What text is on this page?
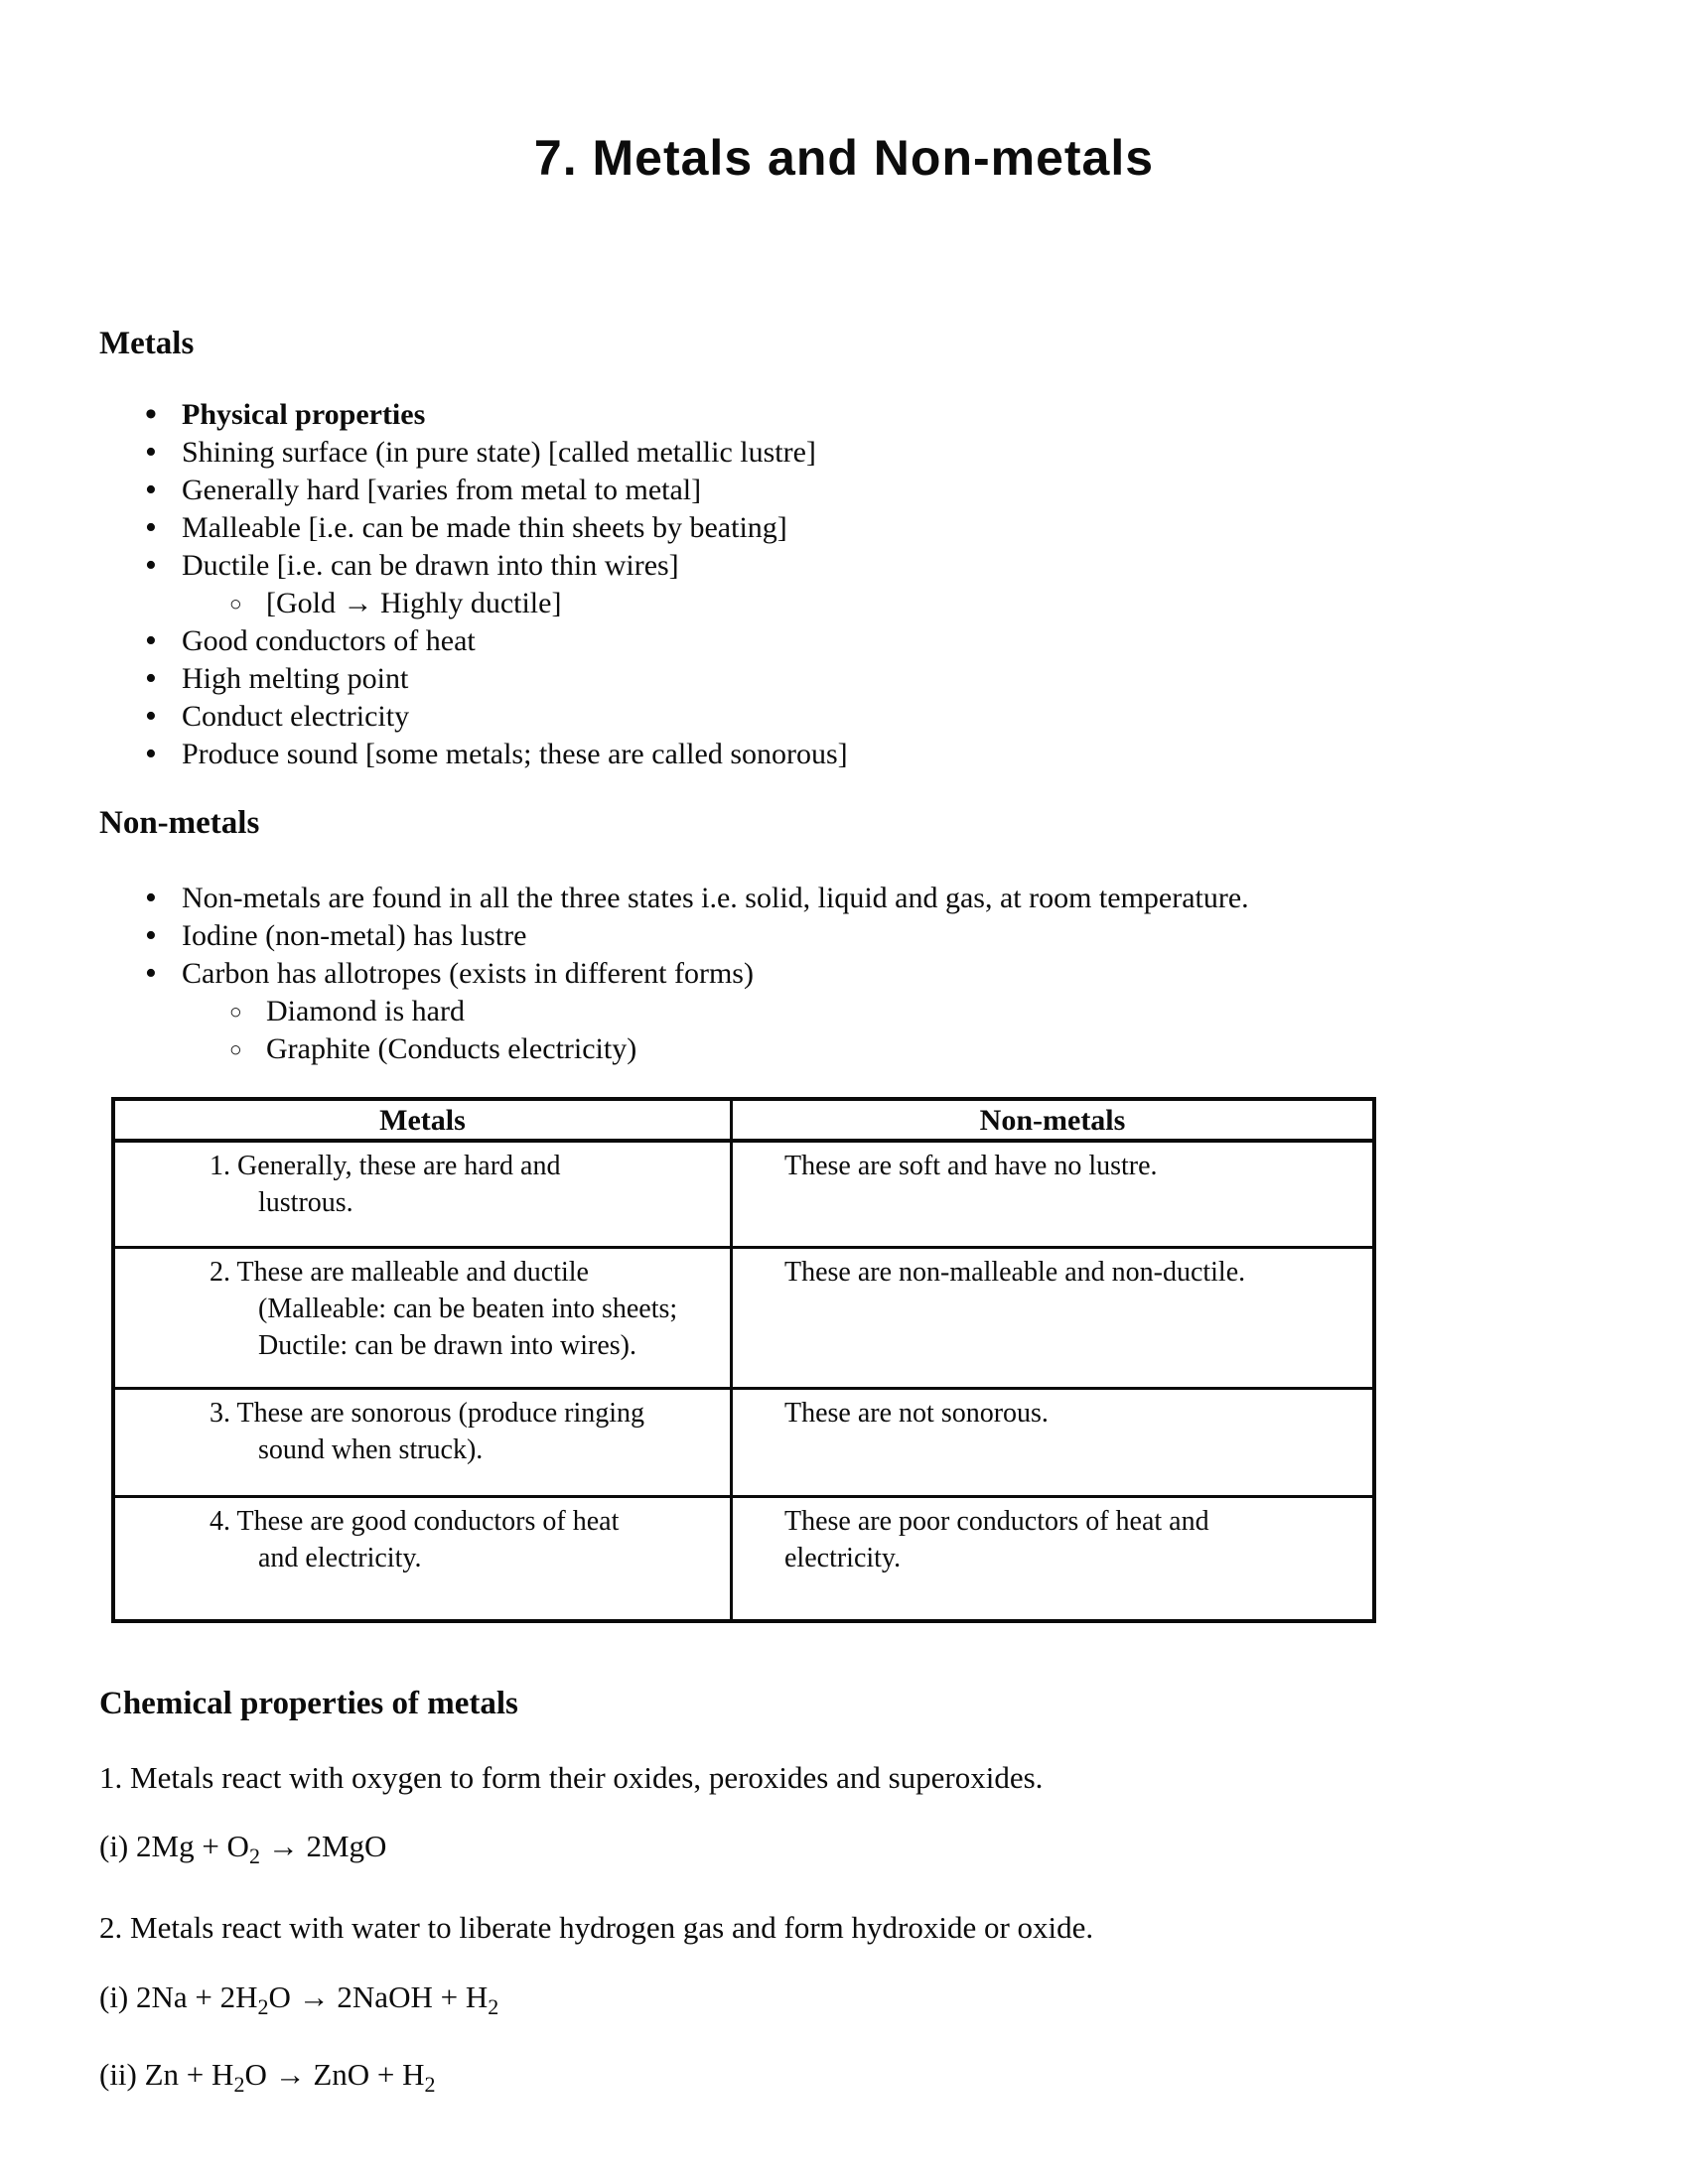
7. Metals and Non-metals
Metals
• Physical properties
• Shining surface (in pure state) [called metallic lustre]
• Generally hard [varies from metal to metal]
• Malleable [i.e. can be made thin sheets by beating]
• Ductile [i.e. can be drawn into thin wires]
○ [Gold → Highly ductile]
• Good conductors of heat
• High melting point
• Conduct electricity
• Produce sound [some metals; these are called sonorous]
Non-metals
• Non-metals are found in all the three states i.e. solid, liquid and gas, at room temperature.
• Iodine (non-metal) has lustre
• Carbon has allotropes (exists in different forms)
○ Diamond is hard
○ Graphite (Conducts electricity)
Metals	Non-metals
1. Generally, these are hard and
lustrous.
These are soft and have no lustre.
2. These are malleable and ductile
(Malleable: can be beaten into sheets;
Ductile: can be drawn into wires).
These are non-malleable and non-ductile.
3. These are sonorous (produce ringing
sound when struck).
These are not sonorous.
4. These are good conductors of heat
and electricity.
These are poor conductors of heat and
electricity.
Chemical properties of metals
1. Metals react with oxygen to form their oxides, peroxides and superoxides.
(i) $2Mg + O_2 \to 2MgO$
2. Metals react with water to liberate hydrogen gas and form hydroxide or oxide.
(i) $2Na + 2H_2O$ → 2NaOH + $H_2$
(ii) $Zn + H_2O$ → ZnO + $H_2$
